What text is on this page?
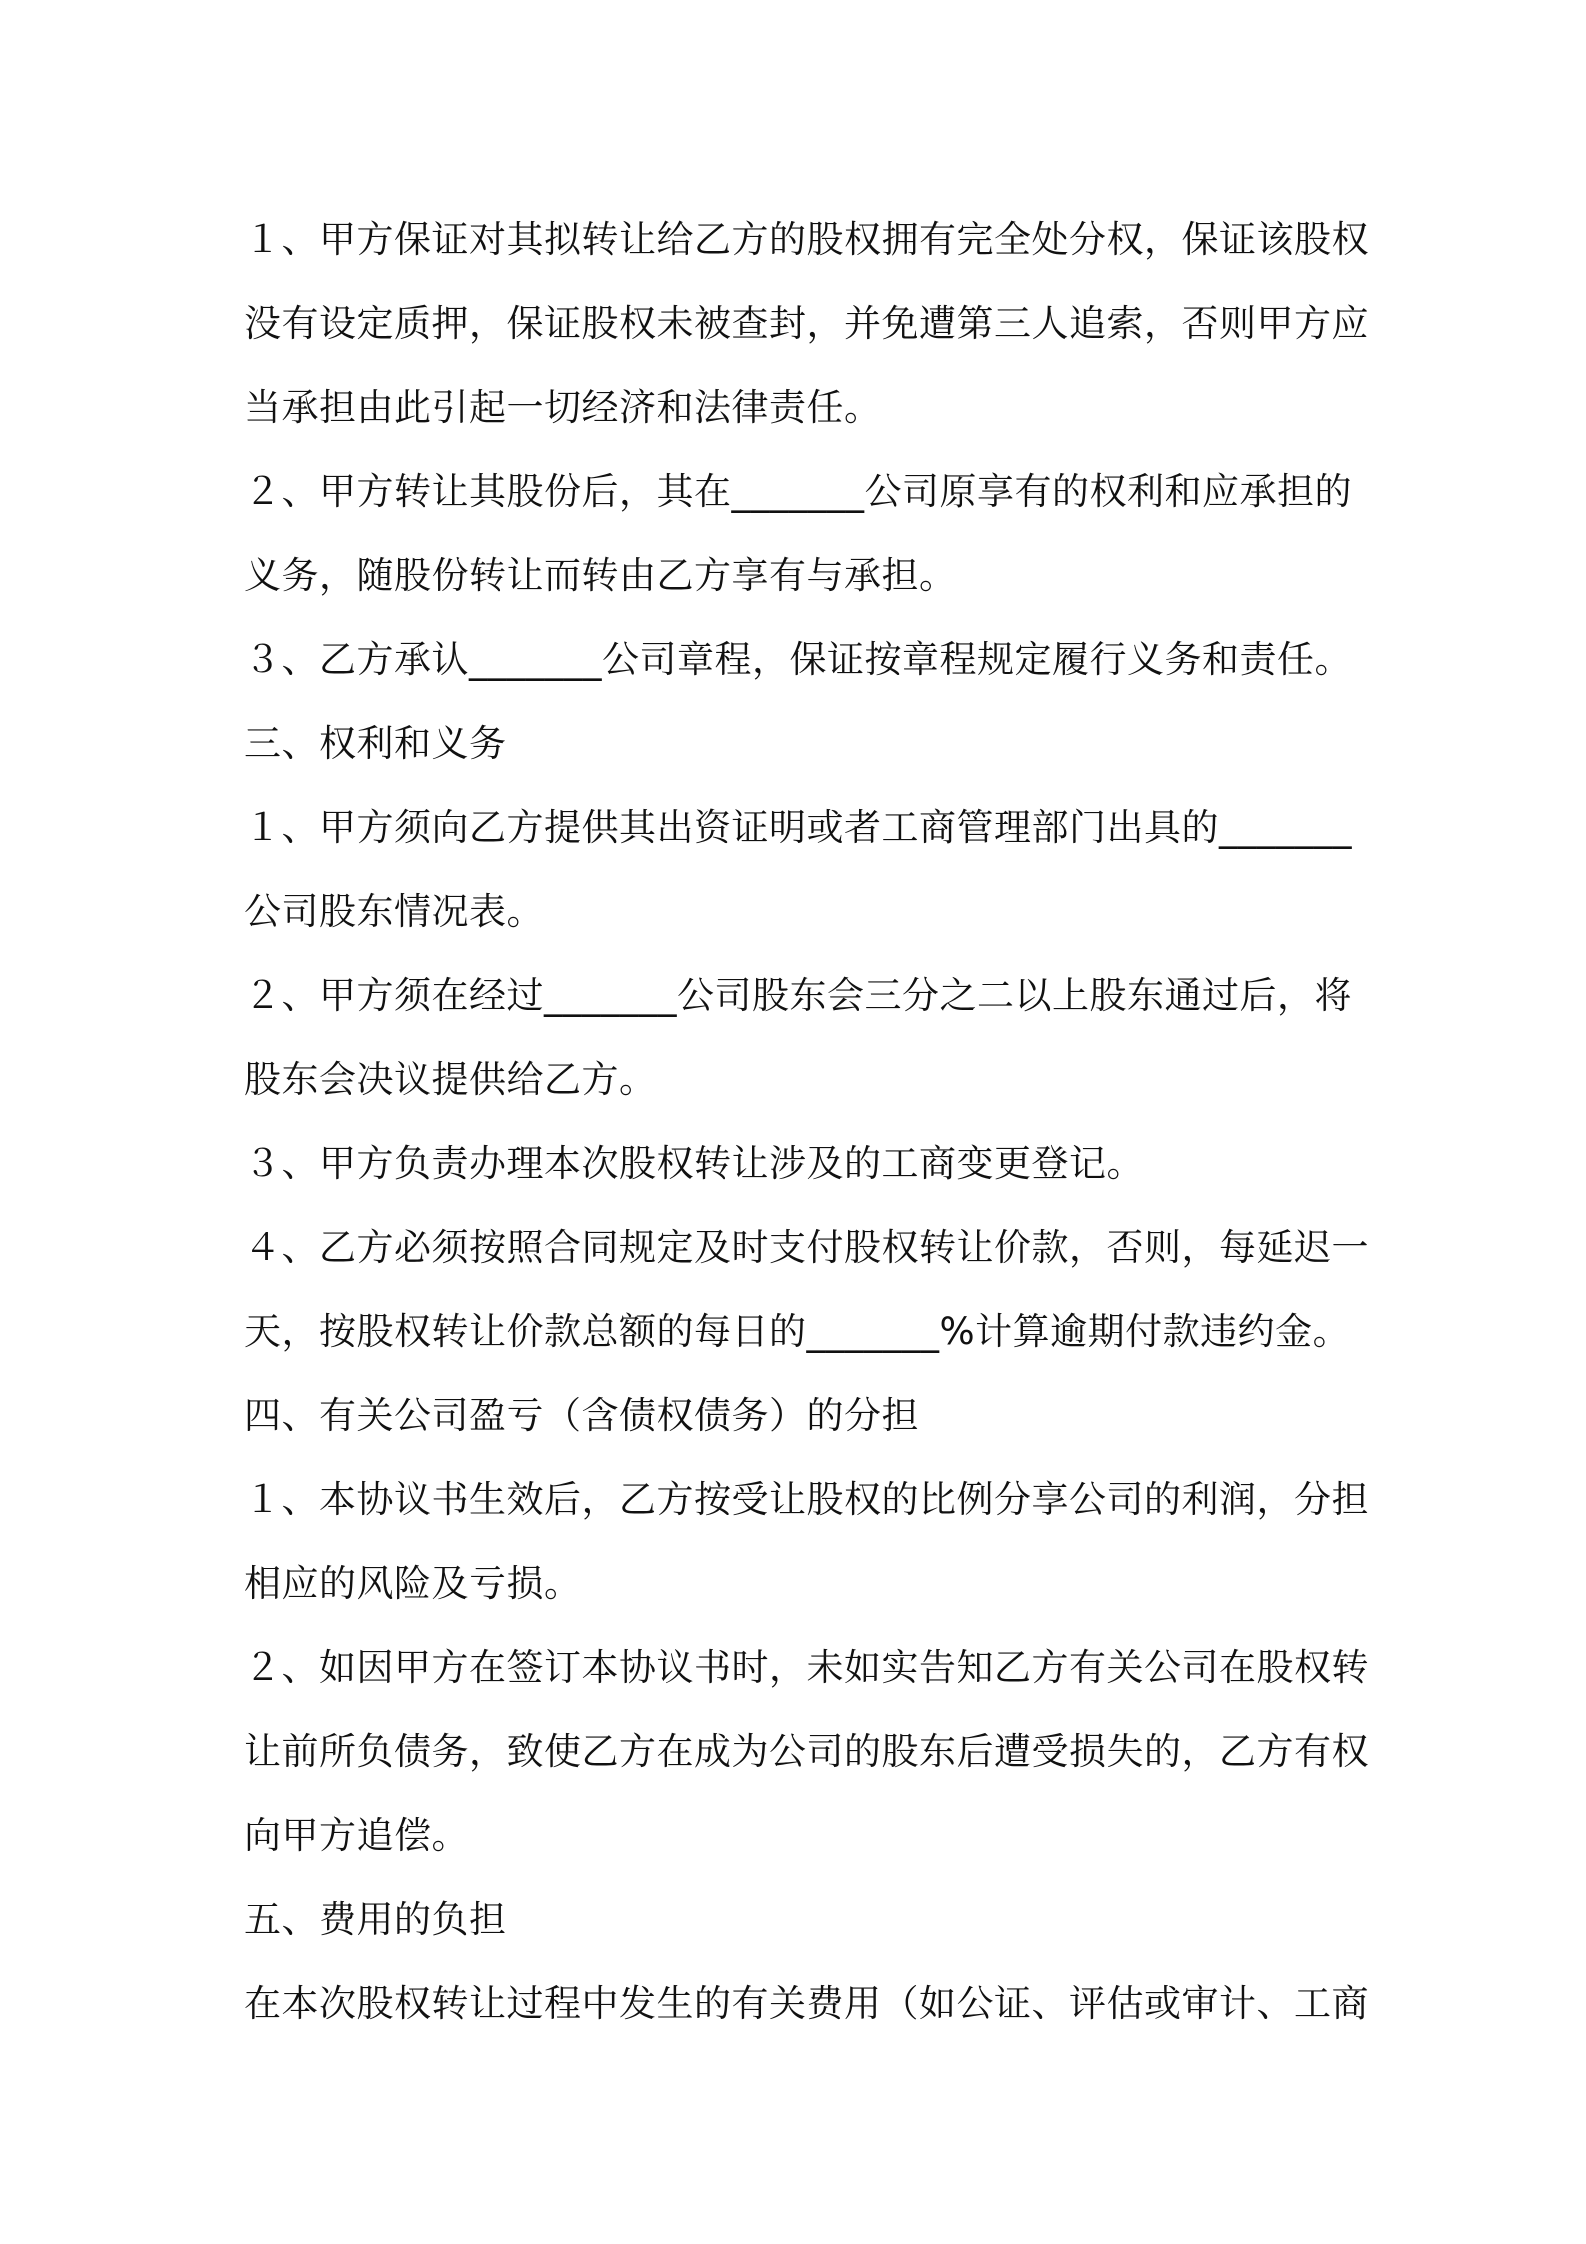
１、甲方保证对其拟转让给乙方的股权拥有完全处分权，保证该股权

没有设定质押，保证股权未被查封，并免遭第三人追索，否则甲方应

当承担由此引起一切经济和法律责任。

２、甲方转让其股份后，其在_______公司原享有的权利和应承担的

义务，随股份转让而转由乙方享有与承担。

３、乙方承认_______公司章程，保证按章程规定履行义务和责任。

三、权利和义务

１、甲方须向乙方提供其出资证明或者工商管理部门出具的_______

公司股东情况表。

２、甲方须在经过_______公司股东会三分之二以上股东通过后，将

股东会决议提供给乙方。

３、甲方负责办理本次股权转让涉及的工商变更登记。

４、乙方必须按照合同规定及时支付股权转让价款，否则，每延迟一

天，按股权转让价款总额的每日的_______%计算逾期付款违约金。

四、有关公司盈亏（含债权债务）的分担

１、本协议书生效后，乙方按受让股权的比例分享公司的利润，分担

相应的风险及亏损。

２、如因甲方在签订本协议书时，未如实告知乙方有关公司在股权转

让前所负债务，致使乙方在成为公司的股东后遭受损失的，乙方有权

向甲方追偿。

五、费用的负担

在本次股权转让过程中发生的有关费用（如公证、评估或审计、工商
